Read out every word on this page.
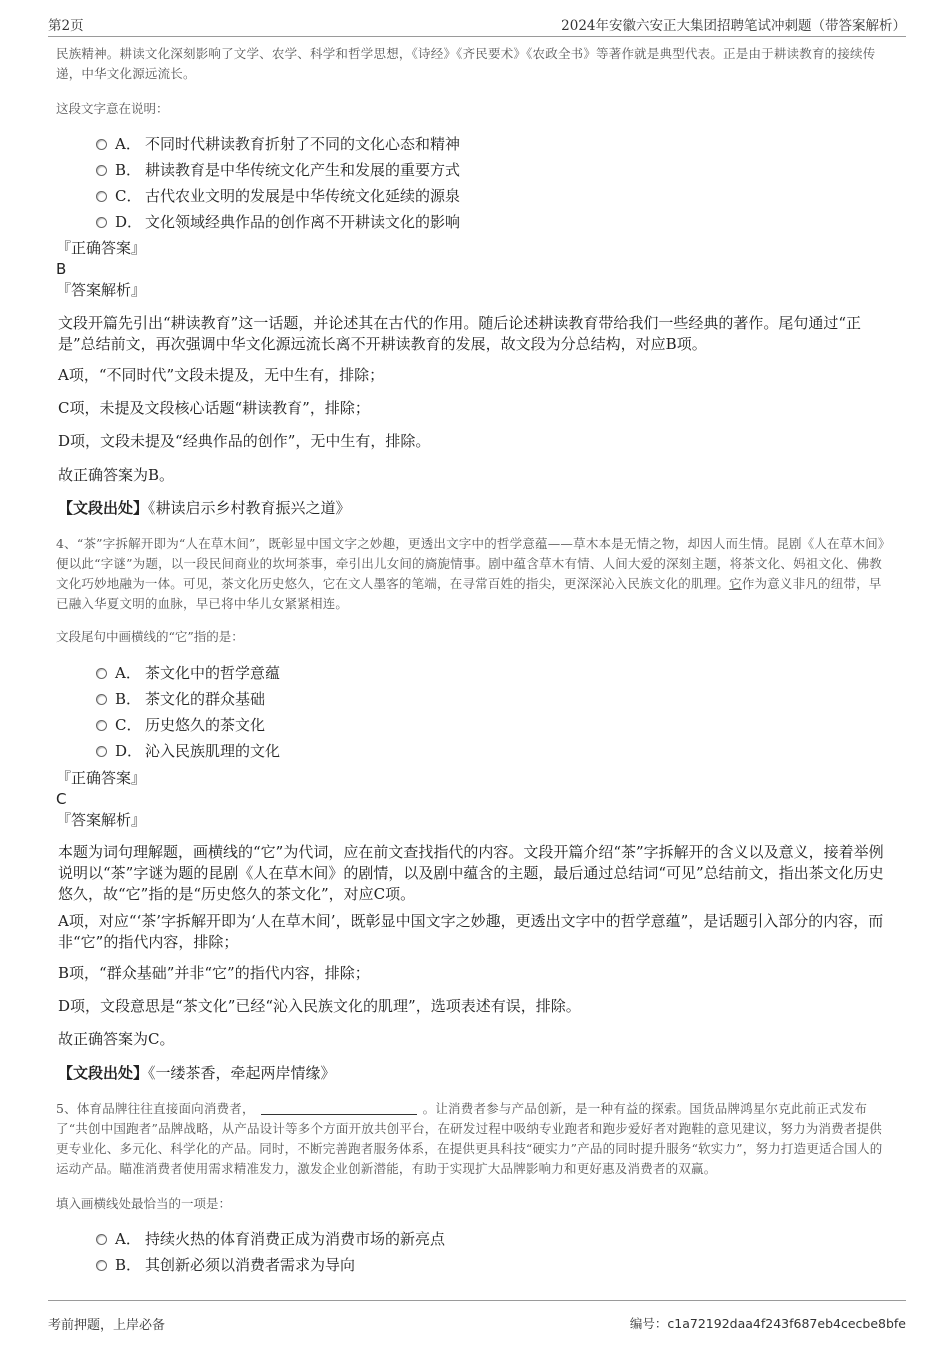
第2页	2024年安徽六安正大集团招聘笔试冲刺题（带答案解析）
民族精神。耕读文化深刻影响了文学、农学、科学和哲学思想，《诗经》《齐民要术》《农政全书》等著作就是典型代表。正是由于耕读教育的接续传递，中华文化源远流长。
这段文字意在说明：
A． 不同时代耕读教育折射了不同的文化心态和精神
B． 耕读教育是中华传统文化产生和发展的重要方式
C． 古代农业文明的发展是中华传统文化延续的源泉
D． 文化领域经典作品的创作离不开耕读文化的影响
『正确答案』
B
『答案解析』
文段开篇先引出“耕读教育”这一话题，并论述其在古代的作用。随后论述耕读教育带给我们一些经典的著作。尾句通过“正是”总结前文，再次强调中华文化源远流长离不开耕读教育的发展，故文段为分总结构，对应B项。
A项，“不同时代”文段未提及，无中生有，排除；
C项，未提及文段核心话题“耕读教育”，排除；
D项，文段未提及“经典作品的创作”，无中生有，排除。
故正确答案为B。
【文段出处】《耕读启示乡村教育振兴之道》
4、“茶”字拆解开即为“人在草木间”，既彰显中国文字之妙趣，更透出文字中的哲学意蕴——草木本是无情之物，却因人而生情。昆剧《人在草木间》便以此“字谜”为题，以一段民间商业的坎坷茶事，牵引出儿女间的旖旎情事。剧中蕴含草木有情、人间大爱的深刻主题，将茶文化、妈祖文化、佛教文化巧妙地融为一体。可见，茶文化历史悠久，它在文人墨客的笔端，在寻常百姓的指尖，更深深沁入民族文化的肌理。它作为意义非凡的纽带，早已融入华夏文明的血脉，早已将中华儿女紧紧相连。
文段尾句中画横线的“它”指的是：
A． 茶文化中的哲学意蕴
B． 茶文化的群众基础
C． 历史悠久的茶文化
D． 沁入民族肌理的文化
『正确答案』
C
『答案解析』
本题为词句理解题，画横线的“它”为代词，应在前文查找指代的内容。文段开篇介绍“茶”字拆解开的含义以及意义，接着举例说明以“茶”字谜为题的昆剧《人在草木间》的剧情，以及剧中蕴含的主题，最后通过总结词“可见”总结前文，指出茶文化历史悠久，故“它”指的是“历史悠久的茶文化”，对应C项。
A项，对应“‘茶’字拆解开即为‘人在草木间’，既彰显中国文字之妙趣，更透出文字中的哲学意蕴”，是话题引入部分的内容，而非“它”的指代内容，排除；
B项，“群众基础”并非“它”的指代内容，排除；
D项，文段意思是“茶文化”已经“沁入民族文化的肌理”，选项表述有误，排除。
故正确答案为C。
【文段出处】《一缕茶香，牵起两岸情缘》
5、体育品牌往往直接面向消费者，	。让消费者参与产品创新，是一种有益的探索。国货品牌鸿星尔克此前正式发布了“共创中国跑者”品牌战略，从产品设计等多个方面开放共创平台，在研发过程中吸纳专业跑者和跑步爱好者对跑鞋的意见建议，努力为消费者提供更专业化、多元化、科学化的产品。同时，不断完善跑者服务体系，在提供更具科技“硬实力”产品的同时提升服务“软实力”，努力打造更适合国人的运动产品。瞄准消费者使用需求精准发力，激发企业创新潜能，有助于实现扩大品牌影响力和更好惠及消费者的双赢。
填入画横线处最恰当的一项是：
A． 持续火热的体育消费正成为消费市场的新亮点
B． 其创新必须以消费者需求为导向
考前押题，上岸必备	编号：c1a72192daa4f243f687eb4cecbe8bfe
